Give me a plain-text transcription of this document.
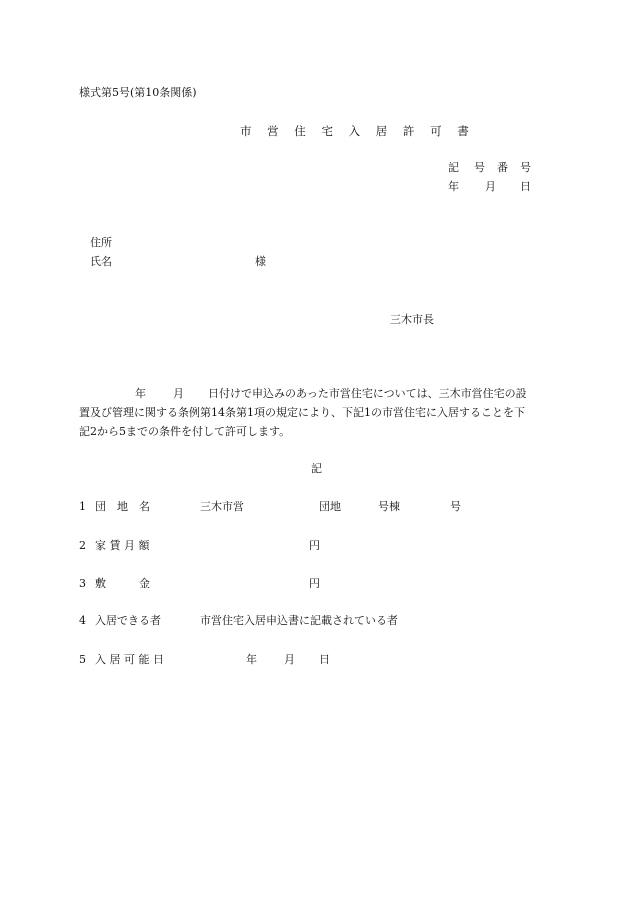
様式第5号(第10条関係)
市 営 住 宅 入 居 許 可 書
記 号 番 号
年 月 日
住所
氏名	様
三木市長
年 月 日付けで申込みのあった市営住宅については、三木市営住宅の設
置及び管理に関する条例第14条第1項の規定により、下記1の市営住宅に入居することを下
記2から5までの条件を付して許可します。
記
1 団　地　名	三木市営	団地	号棟	号
2 家 賃 月 額	円
3 敷　　　金	円
4 入居できる者	市営住宅入居申込書に記載されている者
5 入 居 可 能 日	年 月 日
